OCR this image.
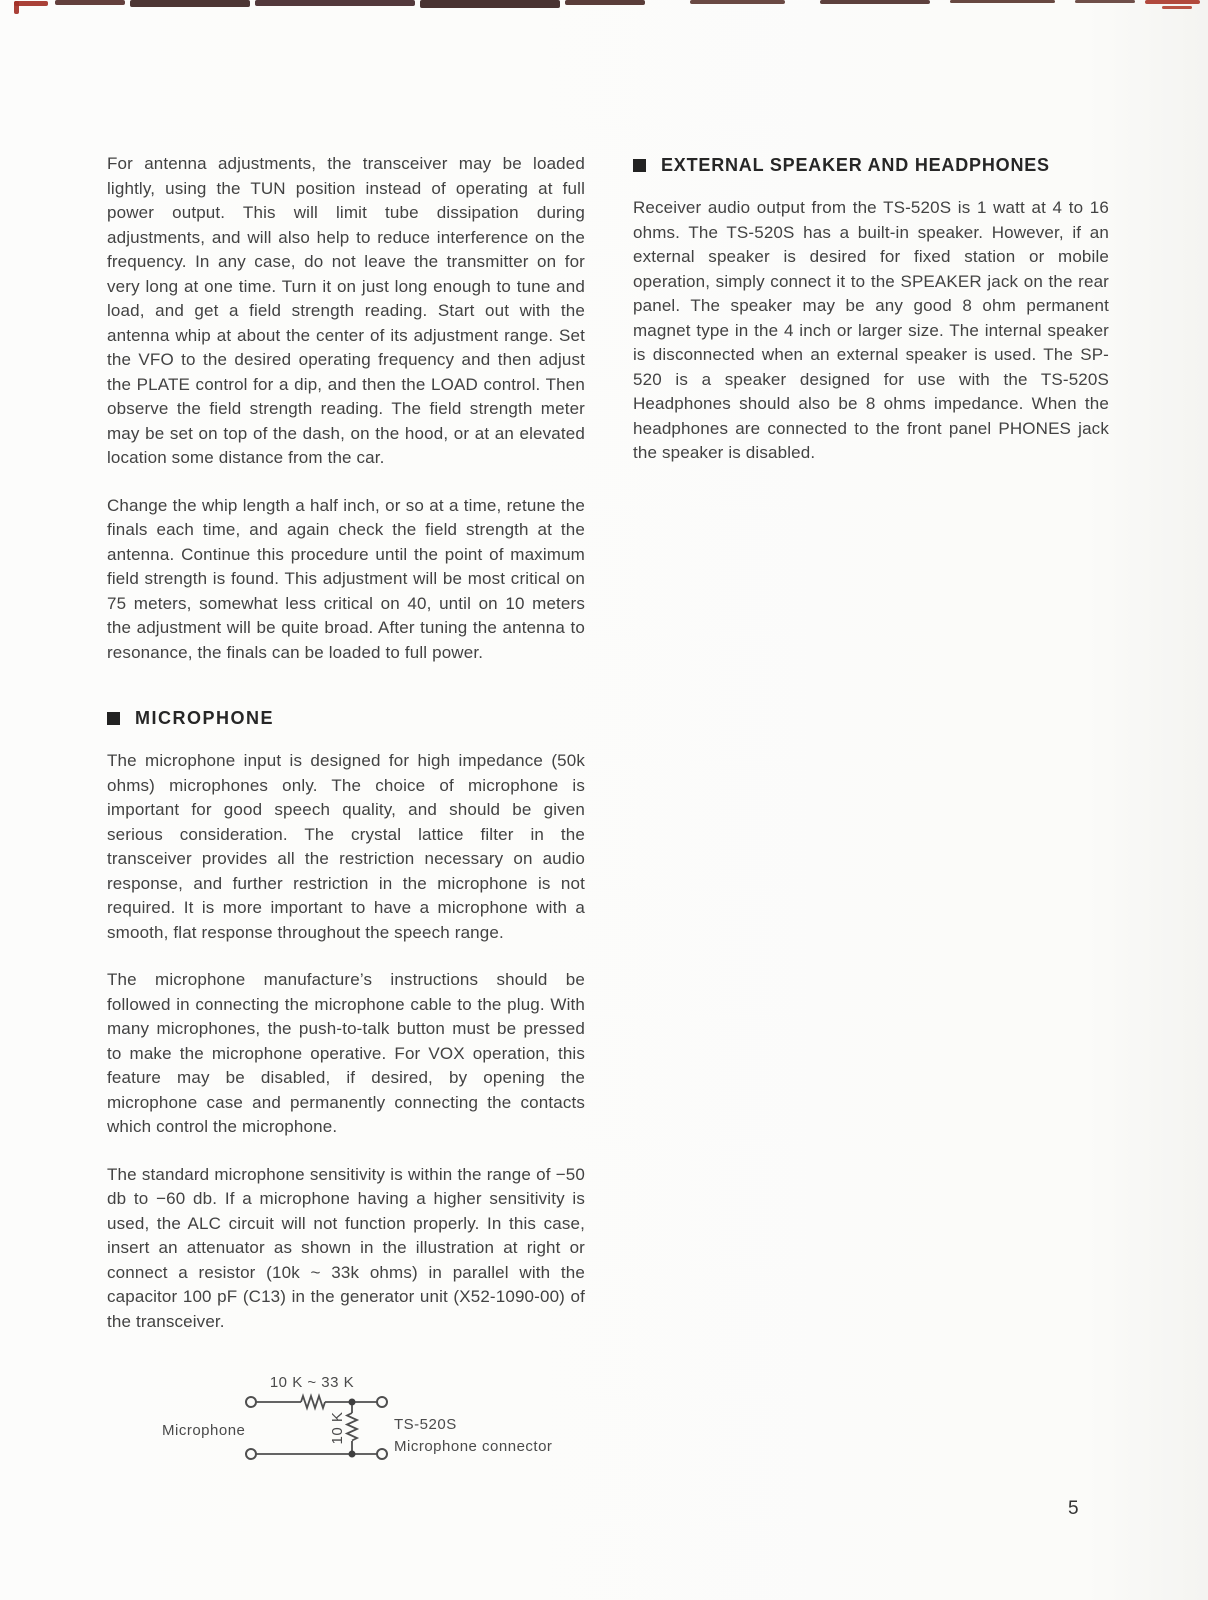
For antenna adjustments, the transceiver may be loaded lightly, using the TUN position instead of operating at full power output. This will limit tube dissipation during adjustments, and will also help to reduce interference on the frequency. In any case, do not leave the transmitter on for very long at one time. Turn it on just long enough to tune and load, and get a field strength reading. Start out with the antenna whip at about the center of its adjustment range. Set the VFO to the desired operating frequency and then adjust the PLATE control for a dip, and then the LOAD control. Then observe the field strength reading. The field strength meter may be set on top of the dash, on the hood, or at an elevated location some distance from the car.

Change the whip length a half inch, or so at a time, retune the finals each time, and again check the field strength at the antenna. Continue this procedure until the point of maximum field strength is found. This adjustment will be most critical on 75 meters, somewhat less critical on 40, until on 10 meters the adjustment will be quite broad. After tuning the antenna to resonance, the finals can be loaded to full power.

MICROPHONE

The microphone input is designed for high impedance (50k ohms) microphones only. The choice of microphone is important for good speech quality, and should be given serious consideration. The crystal lattice filter in the transceiver provides all the restriction necessary on audio response, and further restriction in the microphone is not required. It is more important to have a microphone with a smooth, flat response throughout the speech range.

The microphone manufacture’s instructions should be followed in connecting the microphone cable to the plug. With many microphones, the push-to-talk button must be pressed to make the microphone operative. For VOX operation, this feature may be disabled, if desired, by opening the microphone case and permanently connecting the contacts which control the microphone.

The standard microphone sensitivity is within the range of −50 db to −60 db. If a microphone having a higher sensitivity is used, the ALC circuit will not function properly. In this case, insert an attenuator as shown in the illustration at right or connect a resistor (10k ~ 33k ohms) in parallel with the capacitor 100 pF (C13) in the generator unit (X52-1090-00) of the transceiver.

10 K ~ 33 K
10 K
Microphone	TS-520S
Microphone connector
EXTERNAL SPEAKER AND HEADPHONES

Receiver audio output from the TS-520S is 1 watt at 4 to 16 ohms. The TS-520S has a built-in speaker. However, if an external speaker is desired for fixed station or mobile operation, simply connect it to the SPEAKER jack on the rear panel. The speaker may be any good 8 ohm permanent magnet type in the 4 inch or larger size. The internal speaker is disconnected when an external speaker is used. The SP-520 is a speaker designed for use with the TS-520S Headphones should also be 8 ohms impedance. When the headphones are connected to the front panel PHONES jack the speaker is disabled.

5
